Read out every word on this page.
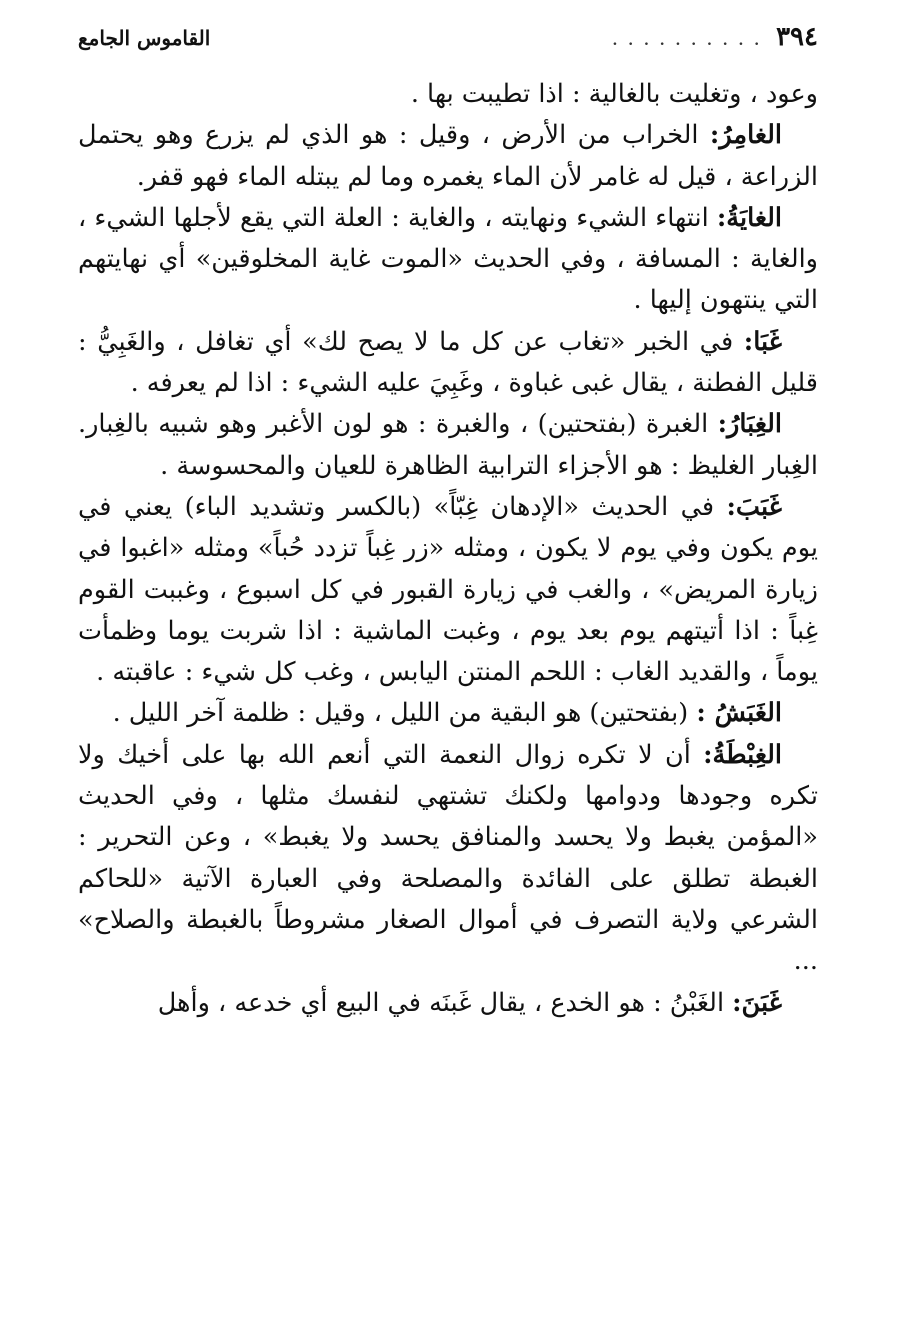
٣٩٤
. . . . . . . . . .
القاموس الجامع

وعود ، وتغليت بالغالية : اذا تطيبت بها .

الغامِرُ: الخراب من الأرض ، وقيل : هو الذي لم يزرع وهو يحتمل الزراعة ، قيل له غامر لأن الماء يغمره وما لم يبتله الماء فهو قفر.

الغايَةُ: انتهاء الشيء ونهايته ، والغاية : العلة التي يقع لأجلها الشيء ، والغاية : المسافة ، وفي الحديث «الموت غاية المخلوقين» أي نهايتهم التي ينتهون إليها .

غَبَا: في الخبر «تغاب عن كل ما لا يصح لك» أي تغافل ، والغَبِيُّ : قليل الفطنة ، يقال غبى غباوة ، وغَبِيَ عليه الشيء : اذا لم يعرفه .

الغِبَارُ: الغبرة (بفتحتين) ، والغبرة : هو لون الأغبر وهو شبيه بالغِبار. الغِبار الغليظ : هو الأجزاء الترابية الظاهرة للعيان والمحسوسة .

غَبَبَ: في الحديث «الإدهان غِبّاً» (بالكسر وتشديد الباء) يعني في يوم يكون وفي يوم لا يكون ، ومثله «زر غِباً تزدد حُباً» ومثله «اغبوا في زيارة المريض» ، والغب في زيارة القبور في كل اسبوع ، وغببت القوم غِباً : اذا أتيتهم يوم بعد يوم ، وغبت الماشية : اذا شربت يوما وظمأت يوماً ، والقديد الغاب : اللحم المنتن اليابس ، وغب كل شيء : عاقبته .

الغَبَشُ : (بفتحتين) هو البقية من الليل ، وقيل : ظلمة آخر الليل .

الغِبْطَةُ: أن لا تكره زوال النعمة التي أنعم الله بها على أخيك ولا تكره وجودها ودوامها ولكنك تشتهي لنفسك مثلها ، وفي الحديث «المؤمن يغبط ولا يحسد والمنافق يحسد ولا يغبط» ، وعن التحرير : الغبطة تطلق على الفائدة والمصلحة وفي العبارة الآتية «للحاكم الشرعي ولاية التصرف في أموال الصغار مشروطاً بالغبطة والصلاح» ...

غَبَنَ: الغَبْنُ : هو الخدع ، يقال غَبنَه في البيع أي خدعه ، وأهل
